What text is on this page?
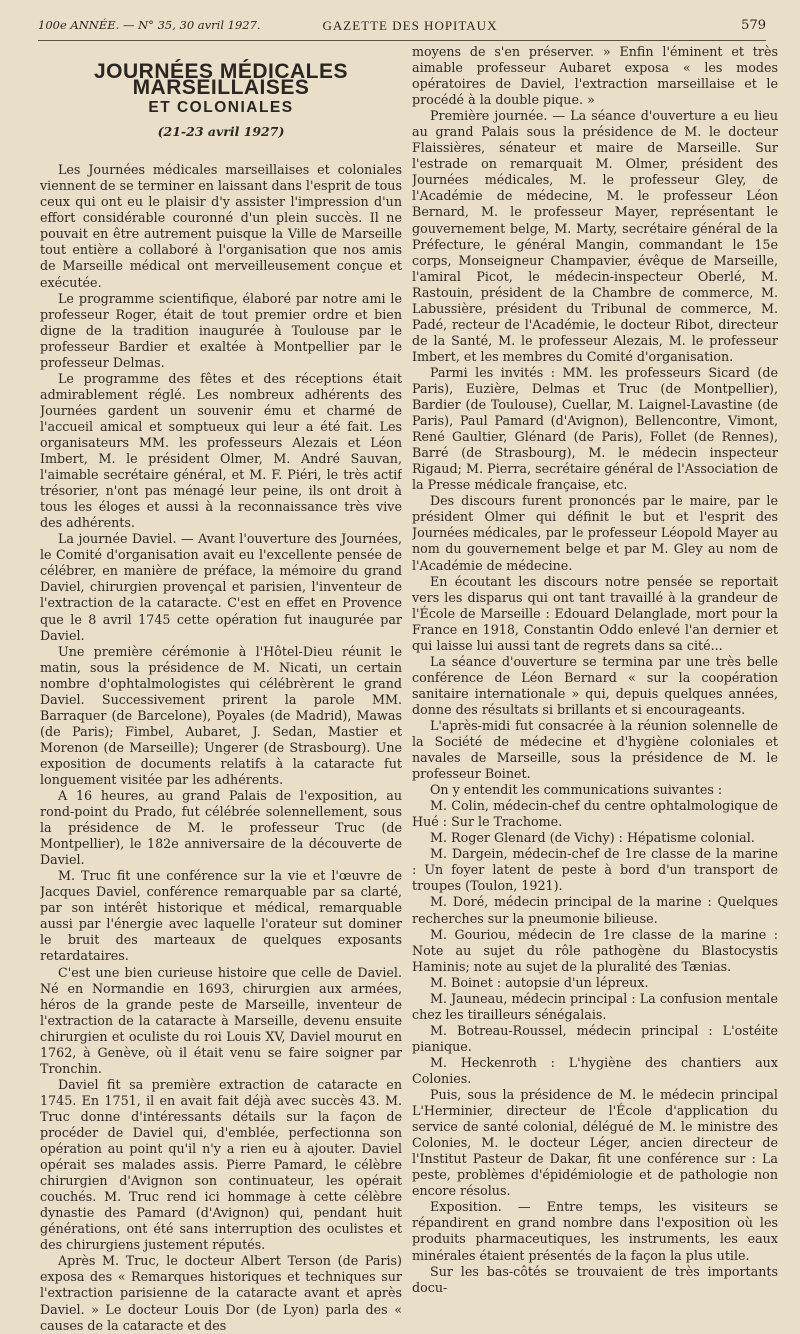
100e ANNÉE. — N° 35, 30 avril 1927.	GAZETTE DES HOPITAUX	579
JOURNÉES MÉDICALES MARSEILLAISES
ET COLONIALES
(21-23 avril 1927)

Les Journées médicales marseillaises et coloniales viennent de se terminer en laissant dans l'esprit de tous ceux qui ont eu le plaisir d'y assister l'impression d'un effort considérable couronné d'un plein succès. Il ne pouvait en être autrement puisque la Ville de Marseille tout entière a collaboré à l'organisation que nos amis de Marseille médical ont merveilleusement conçue et exécutée.

Le programme scientifique, élaboré par notre ami le professeur Roger, était de tout premier ordre et bien digne de la tradition inaugurée à Toulouse par le professeur Bardier et exaltée à Montpellier par le professeur Delmas.

Le programme des fêtes et des réceptions était admirablement réglé. Les nombreux adhérents des Journées gardent un souvenir ému et charmé de l'accueil amical et somptueux qui leur a été fait. Les organisateurs MM. les professeurs Alezais et Léon Imbert, M. le président Olmer, M. André Sauvan, l'aimable secrétaire général, et M. F. Piéri, le très actif trésorier, n'ont pas ménagé leur peine, ils ont droit à tous les éloges et aussi à la reconnaissance très vive des adhérents.

La journée Daviel. — Avant l'ouverture des Journées, le Comité d'organisation avait eu l'excellente pensée de célébrer, en manière de préface, la mémoire du grand Daviel, chirurgien provençal et parisien, l'inventeur de l'extraction de la cataracte. C'est en effet en Provence que le 8 avril 1745 cette opération fut inaugurée par Daviel.

Une première cérémonie à l'Hôtel-Dieu réunit le matin, sous la présidence de M. Nicati, un certain nombre d'ophtalmologistes qui célébrèrent le grand Daviel. Successivement prirent la parole MM. Barraquer (de Barcelone), Poyales (de Madrid), Mawas (de Paris); Fimbel, Aubaret, J. Sedan, Mastier et Morenon (de Marseille); Ungerer (de Strasbourg). Une exposition de documents relatifs à la cataracte fut longuement visitée par les adhérents.

A 16 heures, au grand Palais de l'exposition, au rond-point du Prado, fut célébrée solennellement, sous la présidence de M. le professeur Truc (de Montpellier), le 182e anniversaire de la découverte de Daviel.

M. Truc fit une conférence sur la vie et l'œuvre de Jacques Daviel, conférence remarquable par sa clarté, par son intérêt historique et médical, remarquable aussi par l'énergie avec laquelle l'orateur sut dominer le bruit des marteaux de quelques exposants retardataires.

C'est une bien curieuse histoire que celle de Daviel. Né en Normandie en 1693, chirurgien aux armées, héros de la grande peste de Marseille, inventeur de l'extraction de la cataracte à Marseille, devenu ensuite chirurgien et oculiste du roi Louis XV, Daviel mourut en 1762, à Genève, où il était venu se faire soigner par Tronchin.

Daviel fit sa première extraction de cataracte en 1745. En 1751, il en avait fait déjà avec succès 43. M. Truc donne d'intéressants détails sur la façon de procéder de Daviel qui, d'emblée, perfectionna son opération au point qu'il n'y a rien eu à ajouter. Daviel opérait ses malades assis. Pierre Pamard, le célèbre chirurgien d'Avignon son continuateur, les opérait couchés. M. Truc rend ici hommage à cette célèbre dynastie des Pamard (d'Avignon) qui, pendant huit générations, ont été sans interruption des oculistes et des chirurgiens justement réputés.

Après M. Truc, le docteur Albert Terson (de Paris) exposa des « Remarques historiques et techniques sur l'extraction parisienne de la cataracte avant et après Daviel. » Le docteur Louis Dor (de Lyon) parla des « causes de la cataracte et des

moyens de s'en préserver. » Enfin l'éminent et très aimable professeur Aubaret exposa « les modes opératoires de Daviel, l'extraction marseillaise et le procédé à la double pique. »

Première journée. — La séance d'ouverture a eu lieu au grand Palais sous la présidence de M. le docteur Flaissières, sénateur et maire de Marseille. Sur l'estrade on remarquait M. Olmer, président des Journées médicales, M. le professeur Gley, de l'Académie de médecine, M. le professeur Léon Bernard, M. le professeur Mayer, représentant le gouvernement belge, M. Marty, secrétaire général de la Préfecture, le général Mangin, commandant le 15e corps, Monseigneur Champavier, évêque de Marseille, l'amiral Picot, le médecin-inspecteur Oberlé, M. Rastouin, président de la Chambre de commerce, M. Labussière, président du Tribunal de commerce, M. Padé, recteur de l'Académie, le docteur Ribot, directeur de la Santé, M. le professeur Alezais, M. le professeur Imbert, et les membres du Comité d'organisation.

Parmi les invités : MM. les professeurs Sicard (de Paris), Euzière, Delmas et Truc (de Montpellier), Bardier (de Toulouse), Cuellar, M. Laignel-Lavastine (de Paris), Paul Pamard (d'Avignon), Bellencontre, Vimont, René Gaultier, Glénard (de Paris), Follet (de Rennes), Barré (de Strasbourg), M. le médecin inspecteur Rigaud; M. Pierra, secrétaire général de l'Association de la Presse médicale française, etc.

Des discours furent prononcés par le maire, par le président Olmer qui définit le but et l'esprit des Journées médicales, par le professeur Léopold Mayer au nom du gouvernement belge et par M. Gley au nom de l'Académie de médecine.

En écoutant les discours notre pensée se reportait vers les disparus qui ont tant travaillé à la grandeur de l'École de Marseille : Edouard Delanglade, mort pour la France en 1918, Constantin Oddo enlevé l'an dernier et qui laisse lui aussi tant de regrets dans sa cité...

La séance d'ouverture se termina par une très belle conférence de Léon Bernard « sur la coopération sanitaire internationale » qui, depuis quelques années, donne des résultats si brillants et si encourageants.

L'après-midi fut consacrée à la réunion solennelle de la Société de médecine et d'hygiène coloniales et navales de Marseille, sous la présidence de M. le professeur Boinet.

On y entendit les communications suivantes :

M. Colin, médecin-chef du centre ophtalmologique de Hué : Sur le Trachome.

M. Roger Glenard (de Vichy) : Hépatisme colonial.

M. Dargein, médecin-chef de 1re classe de la marine : Un foyer latent de peste à bord d'un transport de troupes (Toulon, 1921).

M. Doré, médecin principal de la marine : Quelques recherches sur la pneumonie bilieuse.

M. Gouriou, médecin de 1re classe de la marine : Note au sujet du rôle pathogène du Blastocystis Haminis; note au sujet de la pluralité des Tænias.

M. Boinet : autopsie d'un lépreux.

M. Jauneau, médecin principal : La confusion mentale chez les tirailleurs sénégalais.

M. Botreau-Roussel, médecin principal : L'ostéite pianique.

M. Heckenroth : L'hygiène des chantiers aux Colonies.

Puis, sous la présidence de M. le médecin principal L'Herminier, directeur de l'École d'application du service de santé colonial, délégué de M. le ministre des Colonies, M. le docteur Léger, ancien directeur de l'Institut Pasteur de Dakar, fit une conférence sur : La peste, problèmes d'épidémiologie et de pathologie non encore résolus.

Exposition. — Entre temps, les visiteurs se répandirent en grand nombre dans l'exposition où les produits pharmaceutiques, les instruments, les eaux minérales étaient présentés de la façon la plus utile.

Sur les bas-côtés se trouvaient de très importants docu-
